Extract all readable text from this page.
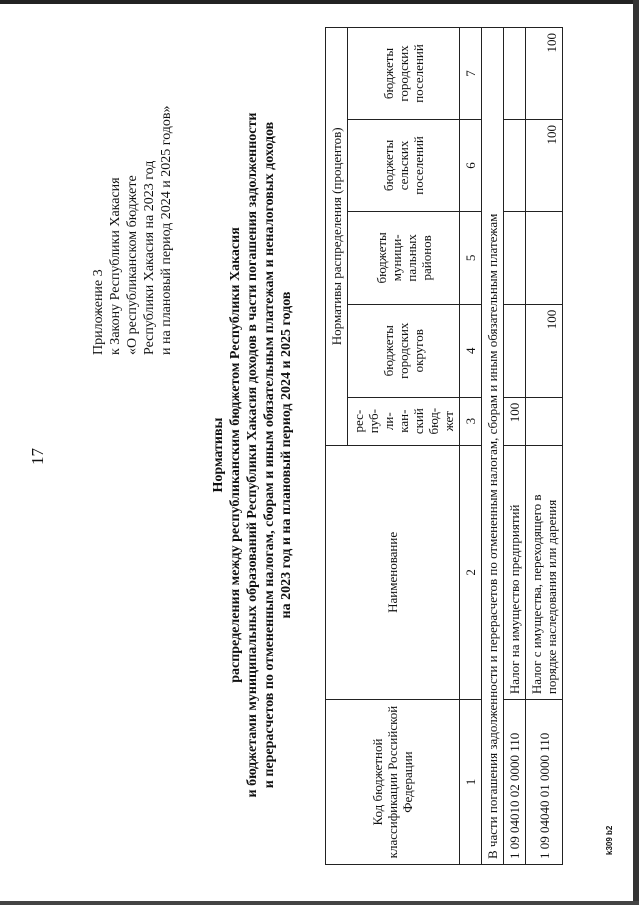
17
Приложение 3 к Закону Республики Хакасия «О республиканском бюджете Республики Хакасия на 2023 год и на плановый период 2024 и 2025 годов»
Нормативы распределения между республиканским бюджетом Республики Хакасия и бюджетами муниципальных образований Республики Хакасия доходов в части погашения задолженности и перерасчетов по отмененным налогам, сборам и иным обязательным платежам и неналоговых доходов на 2023 год и на плановый период 2024 и 2025 годов
Код бюджетной классификации Российской Федерации	Наименование	Нормативы распределения (процентов)				
		рес-пуб-ли-кан-ский бюд-жет	бюджеты городских округов	бюджеты муници-пальных районов	бюджеты сельских поселений	бюджеты городских поселений
1	2	3	4	5	6	7
В части погашения задолженности и перерасчетов по отмененным налогам, сборам и иным обязательным платежам						
1 09 04010 02 0000 110	Налог на имущество предприятий	100				
1 09 04040 01 0000 110	Налог с имущества, переходящего в порядке наследования или дарения		100		100	100
k309 b2
